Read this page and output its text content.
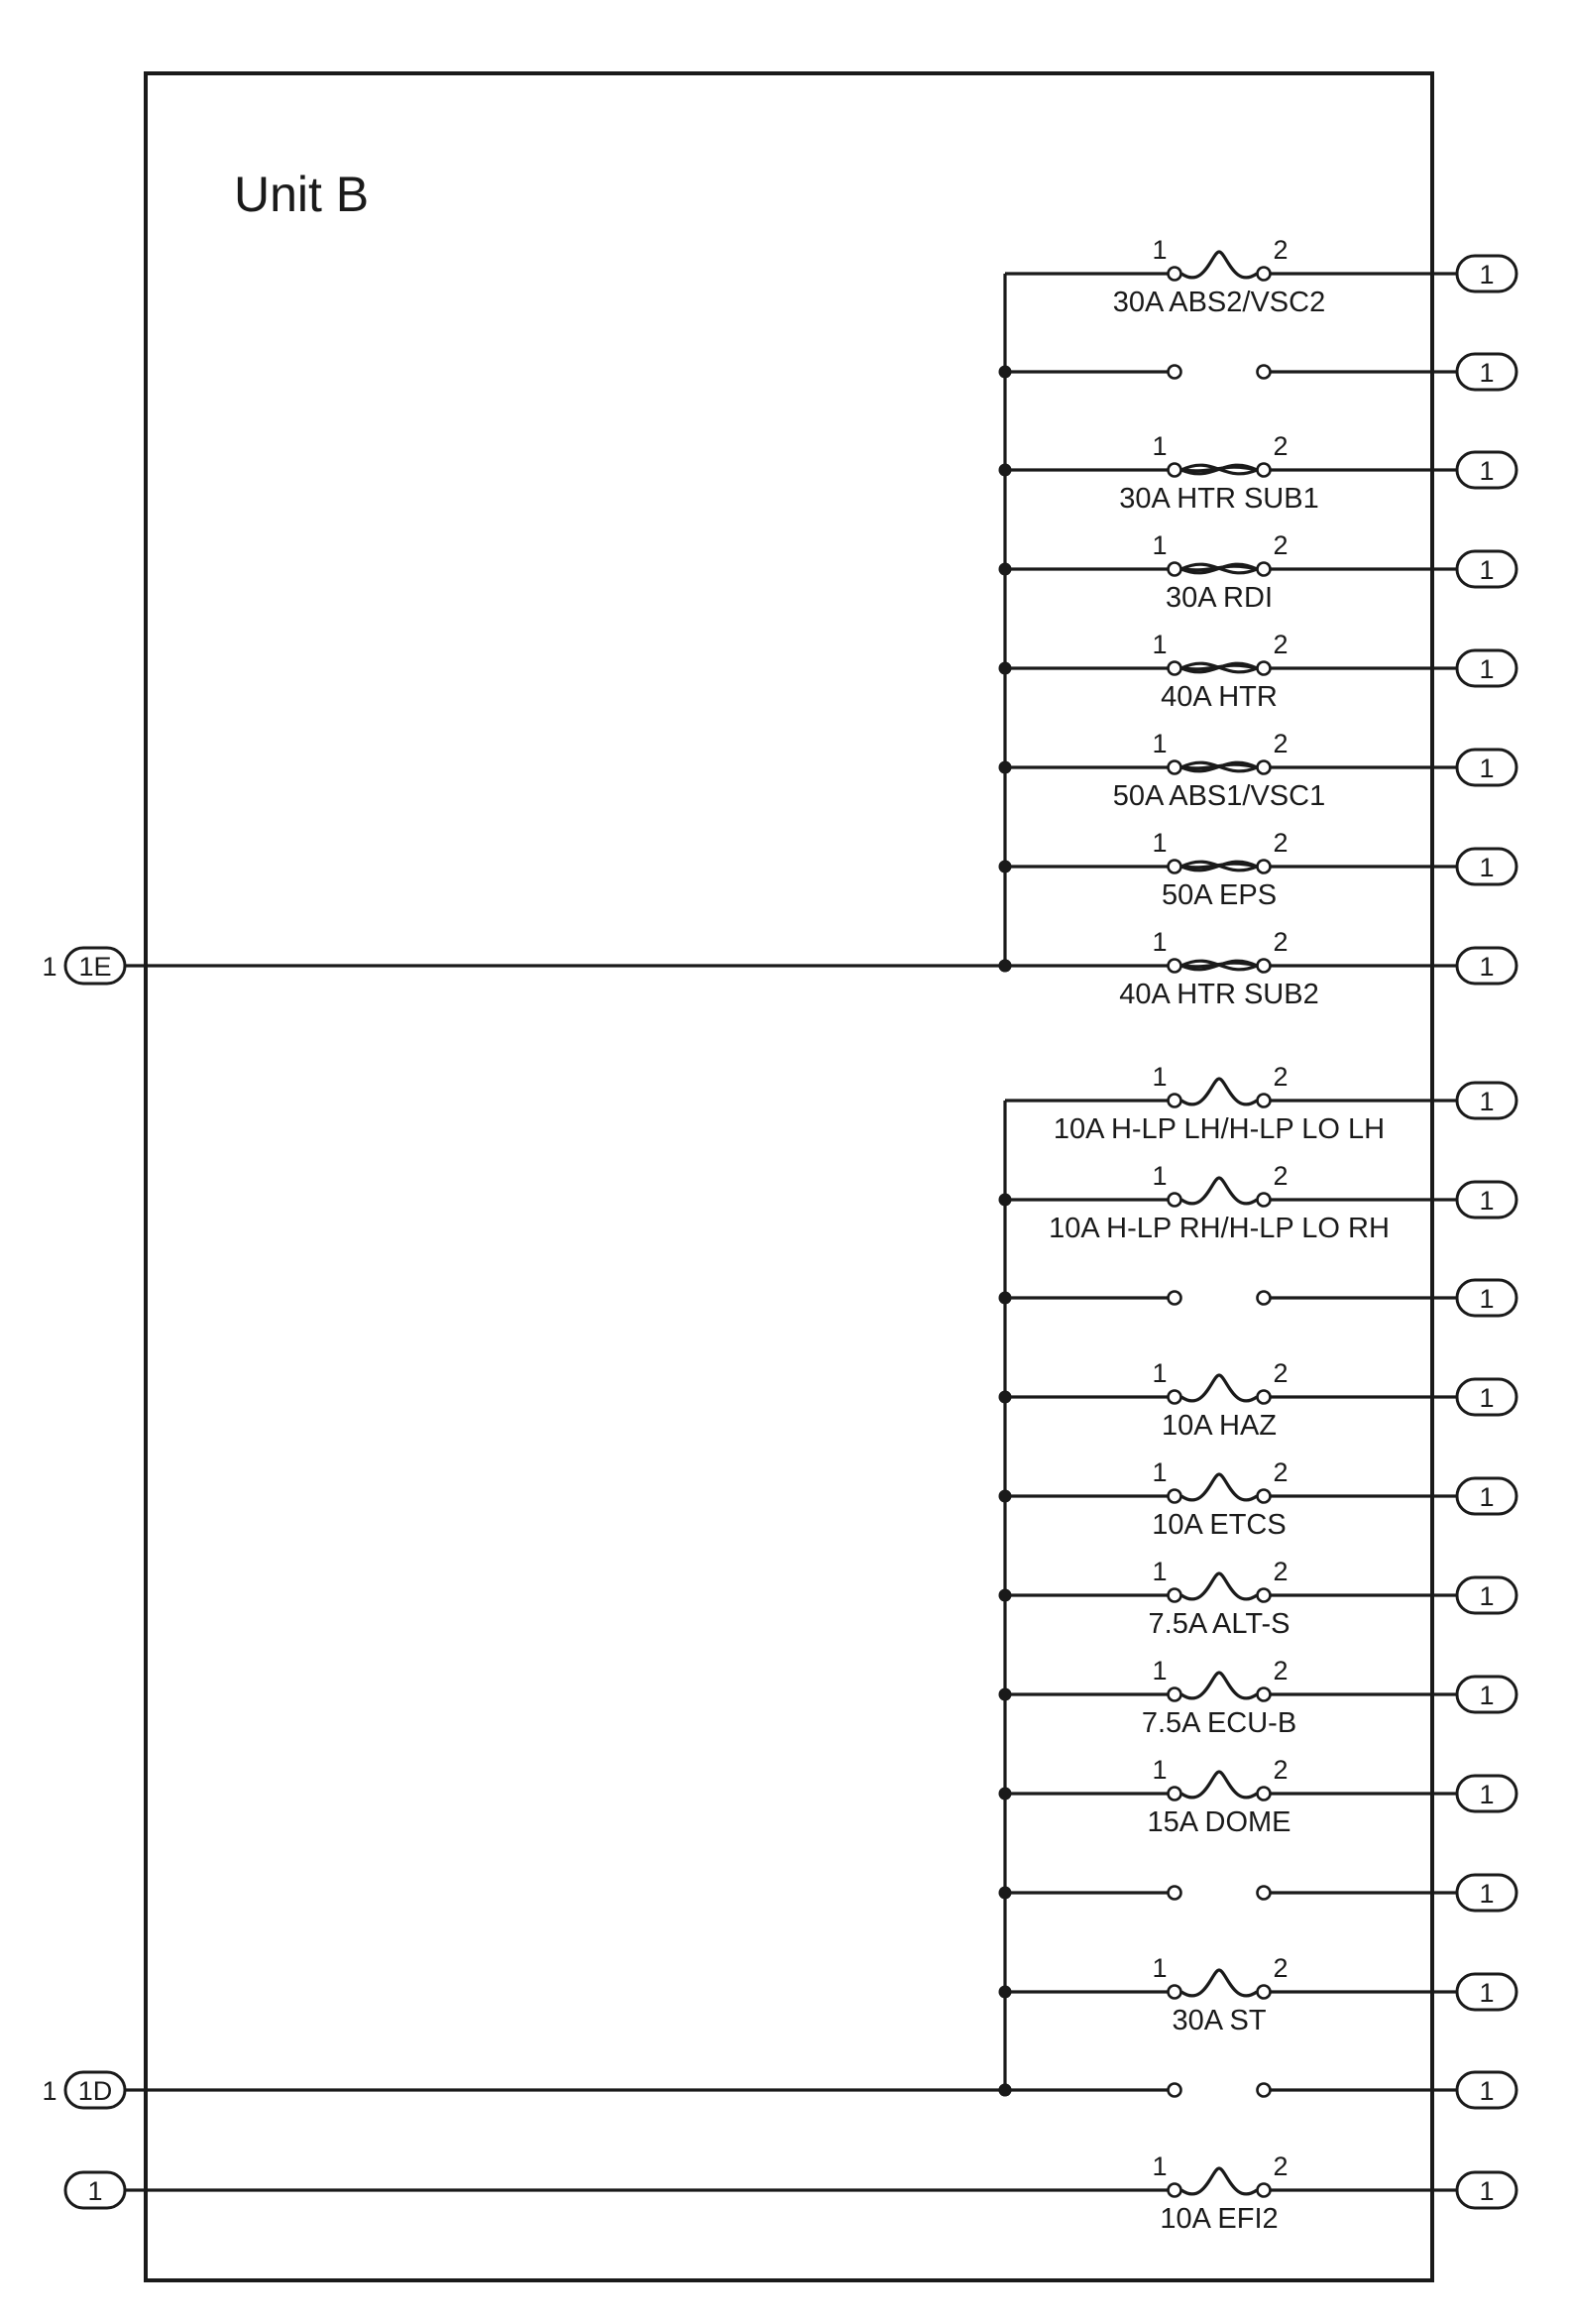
Unit B
1	2
30A ABS2/VSC2
1
1
1	2
30A HTR SUB1
1
1	2
30A RDI
1
1	2
40A HTR
1
1	2
50A ABS1/VSC1
1
1	2
50A EPS
1
1	2
40A HTR SUB2
1
1	2
10A H-LP LH/H-LP LO LH
1
1	2
10A H-LP RH/H-LP LO RH
1
1
1	2
10A HAZ
1
1	2
10A ETCS
1
1	2
7.5A ALT-S
1
1	2
7.5A ECU-B
1
1	2
15A DOME
1
1
1	2
30A ST
1
1
1	2
10A EFI2
1
1 1E
1 1D
1
